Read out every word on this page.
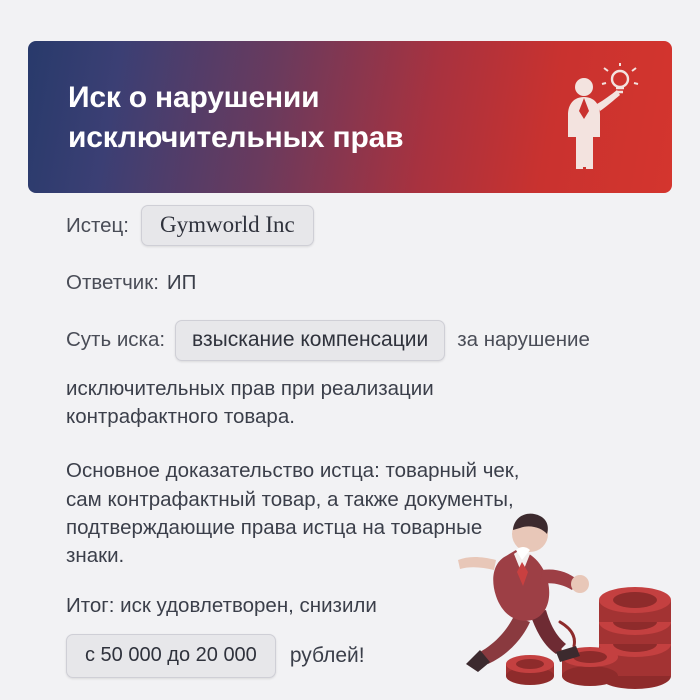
Иск о нарушении исключительных прав
Истец:	Gymworld Inc
Ответчик: ИП
Суть иска:	взыскание компенсации	за нарушение
исключительных прав при реализации контрафактного товара.
Основное доказательство истца: товарный чек, сам контрафактный товар, а также документы, подтверждающие права истца на товарные знаки.
Итог: иск удовлетворен, снизили
с 50 000 до 20 000	рублей!
